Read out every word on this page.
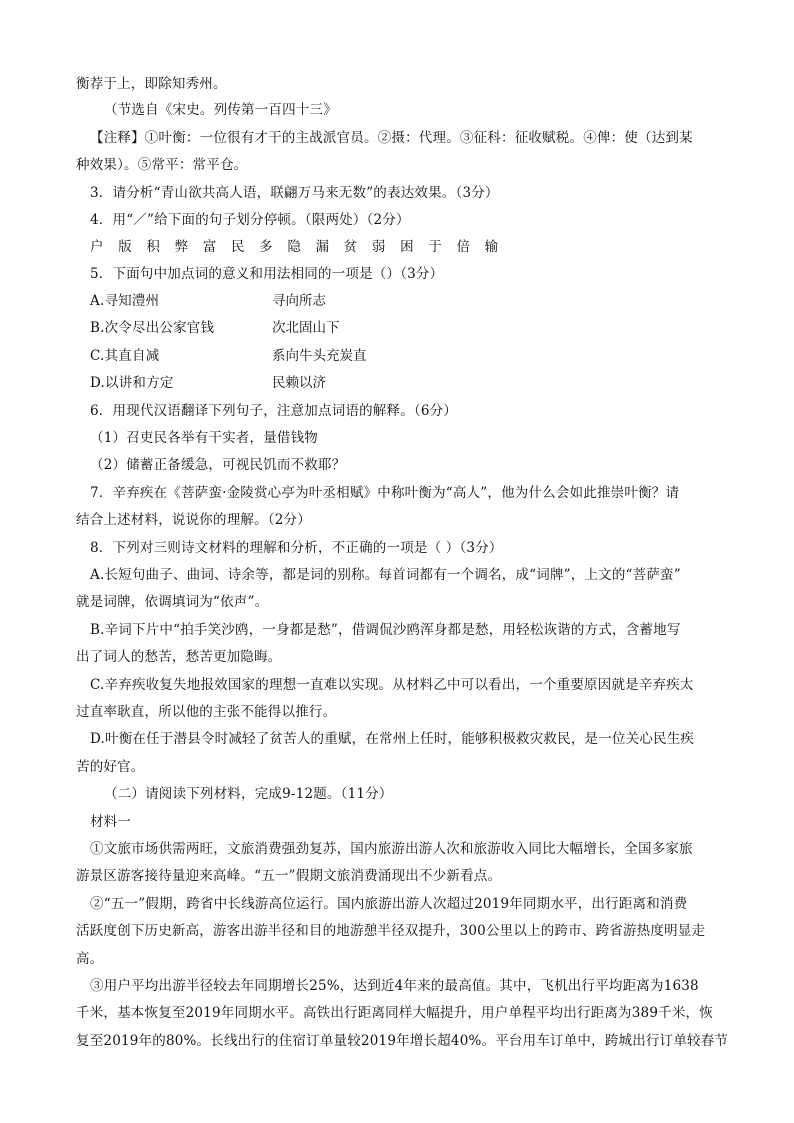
衡荐于上，即除知秀州。
（节选自《宋史。列传第一百四十三》
【注释】①叶衡：一位很有才干的主战派官员。②摄：代理。③征科：征收赋税。④俾：使（达到某
种效果）。⑤常平：常平仓。
3．请分析“青山欲共高人语，联翩万马来无数”的表达效果。（3分）
4．用“／”给下面的句子划分停顿。（限两处）（2分）
户 版 积 弊 富 民 多 隐 漏 贫 弱 困 于 倍 输
5．下面句中加点词的意义和用法相同的一项是（）（3分）
A.寻知澧州	寻向所志
B.次令尽出公家官钱	次北固山下
C.其直自减	系向牛头充炭直
D.以讲和方定	民赖以济
6．用现代汉语翻译下列句子，注意加点词语的解释。（6分）
（1）召吏民各举有干实者，量借钱物
（2）储蓄正备缓急，可视民饥而不救耶？
7．辛弃疾在《菩萨蛮·金陵赏心亭为叶丞相赋》中称叶衡为“高人”，他为什么会如此推崇叶衡？请
结合上述材料，说说你的理解。（2分）
8．下列对三则诗文材料的理解和分析，不正确的一项是（ ）（3分）
A.长短句曲子、曲词、诗余等，都是词的别称。每首词都有一个调名，成“词牌”，上文的“菩萨蛮”
就是词牌，依调填词为“依声”。
B.辛词下片中“拍手笑沙鸥，一身都是愁”，借调侃沙鸥浑身都是愁，用轻松诙谐的方式，含蓄地写
出了词人的愁苦，愁苦更加隐晦。
C.辛弃疾收复失地报效国家的理想一直难以实现。从材料乙中可以看出，一个重要原因就是辛弃疾太
过直率耿直，所以他的主张不能得以推行。
D.叶衡在任于潜县令时减轻了贫苦人的重赋，在常州上任时，能够积极救灾救民，是一位关心民生疾
苦的好官。
（二）请阅读下列材料，完成9-12题。（11分）
材料一
①文旅市场供需两旺，文旅消费强劲复苏，国内旅游出游人次和旅游收入同比大幅增长，全国多家旅
游景区游客接待量迎来高峰。“五一”假期文旅消费涌现出不少新看点。
②“五一”假期，跨省中长线游高位运行。国内旅游出游人次超过2019年同期水平，出行距离和消费
活跃度创下历史新高，游客出游半径和目的地游憩半径双提升，300公里以上的跨市、跨省游热度明显走
高。
③用户平均出游半径较去年同期增长25%，达到近4年来的最高值。其中，飞机出行平均距离为1638
千米，基本恢复至2019年同期水平。高铁出行距离同样大幅提升，用户单程平均出行距离为389千米，恢
复至2019年的80%。长线出行的住宿订单量较2019年增长超40%。平台用车订单中，跨城出行订单较春节
